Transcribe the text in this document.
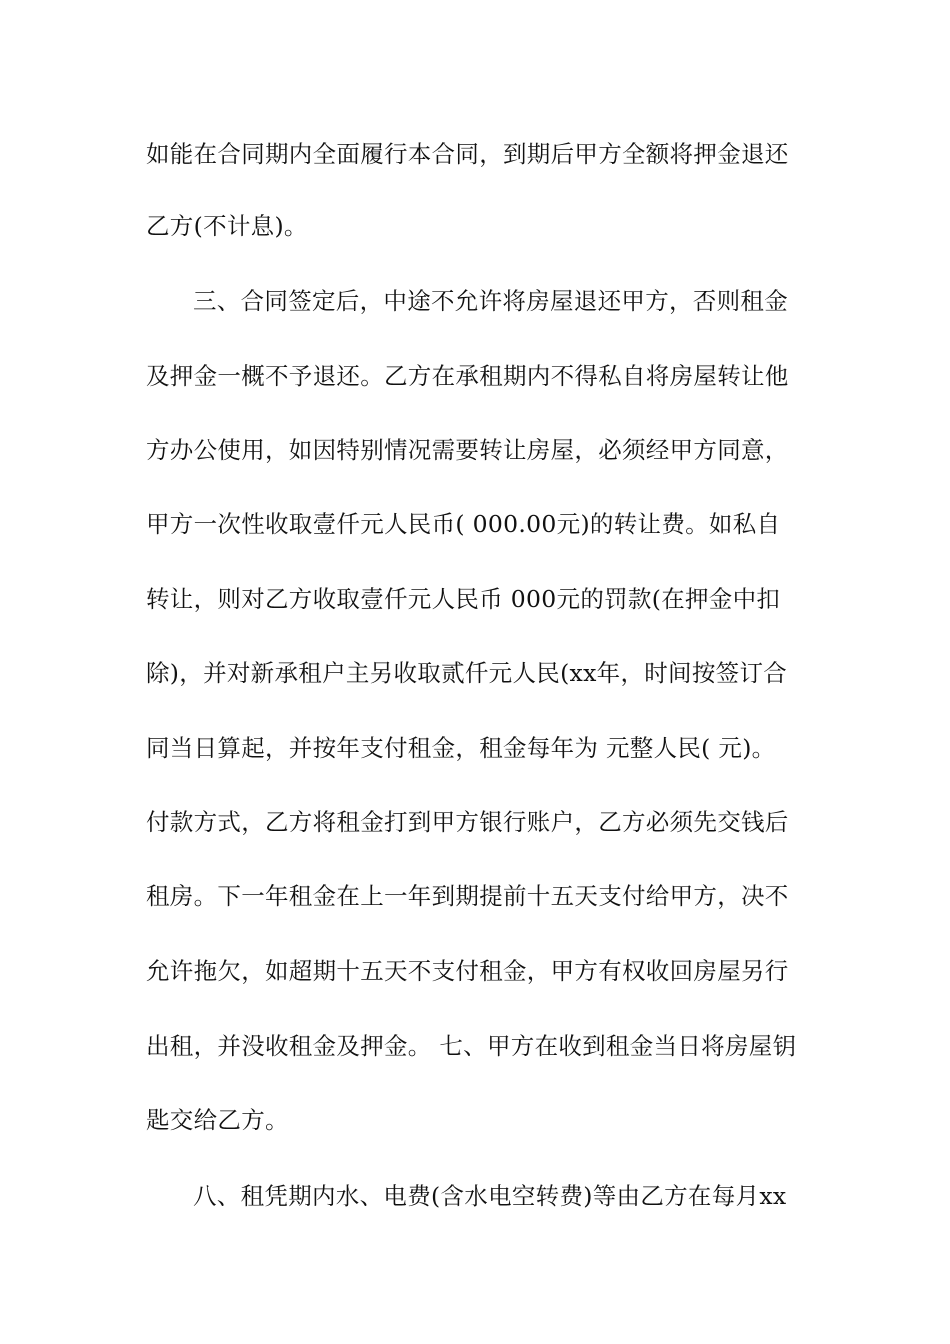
如能在合同期内全面履行本合同，到期后甲方全额将押金退还
乙方(不计息)。
三、合同签定后，中途不允许将房屋退还甲方，否则租金
及押金一概不予退还。乙方在承租期内不得私自将房屋转让他
方办公使用，如因特别情况需要转让房屋，必须经甲方同意，
甲方一次性收取壹仟元人民币( 000.00元)的转让费。如私自
转让，则对乙方收取壹仟元人民币 000元的罚款(在押金中扣
除)，并对新承租户主另收取贰仟元人民(xx年，时间按签订合
同当日算起，并按年支付租金，租金每年为 元整人民( 元)。
付款方式，乙方将租金打到甲方银行账户，乙方必须先交钱后
租房。下一年租金在上一年到期提前十五天支付给甲方，决不
允许拖欠，如超期十五天不支付租金，甲方有权收回房屋另行
出租，并没收租金及押金。 七、甲方在收到租金当日将房屋钥
匙交给乙方。
八、租凭期内水、电费(含水电空转费)等由乙方在每月xx
